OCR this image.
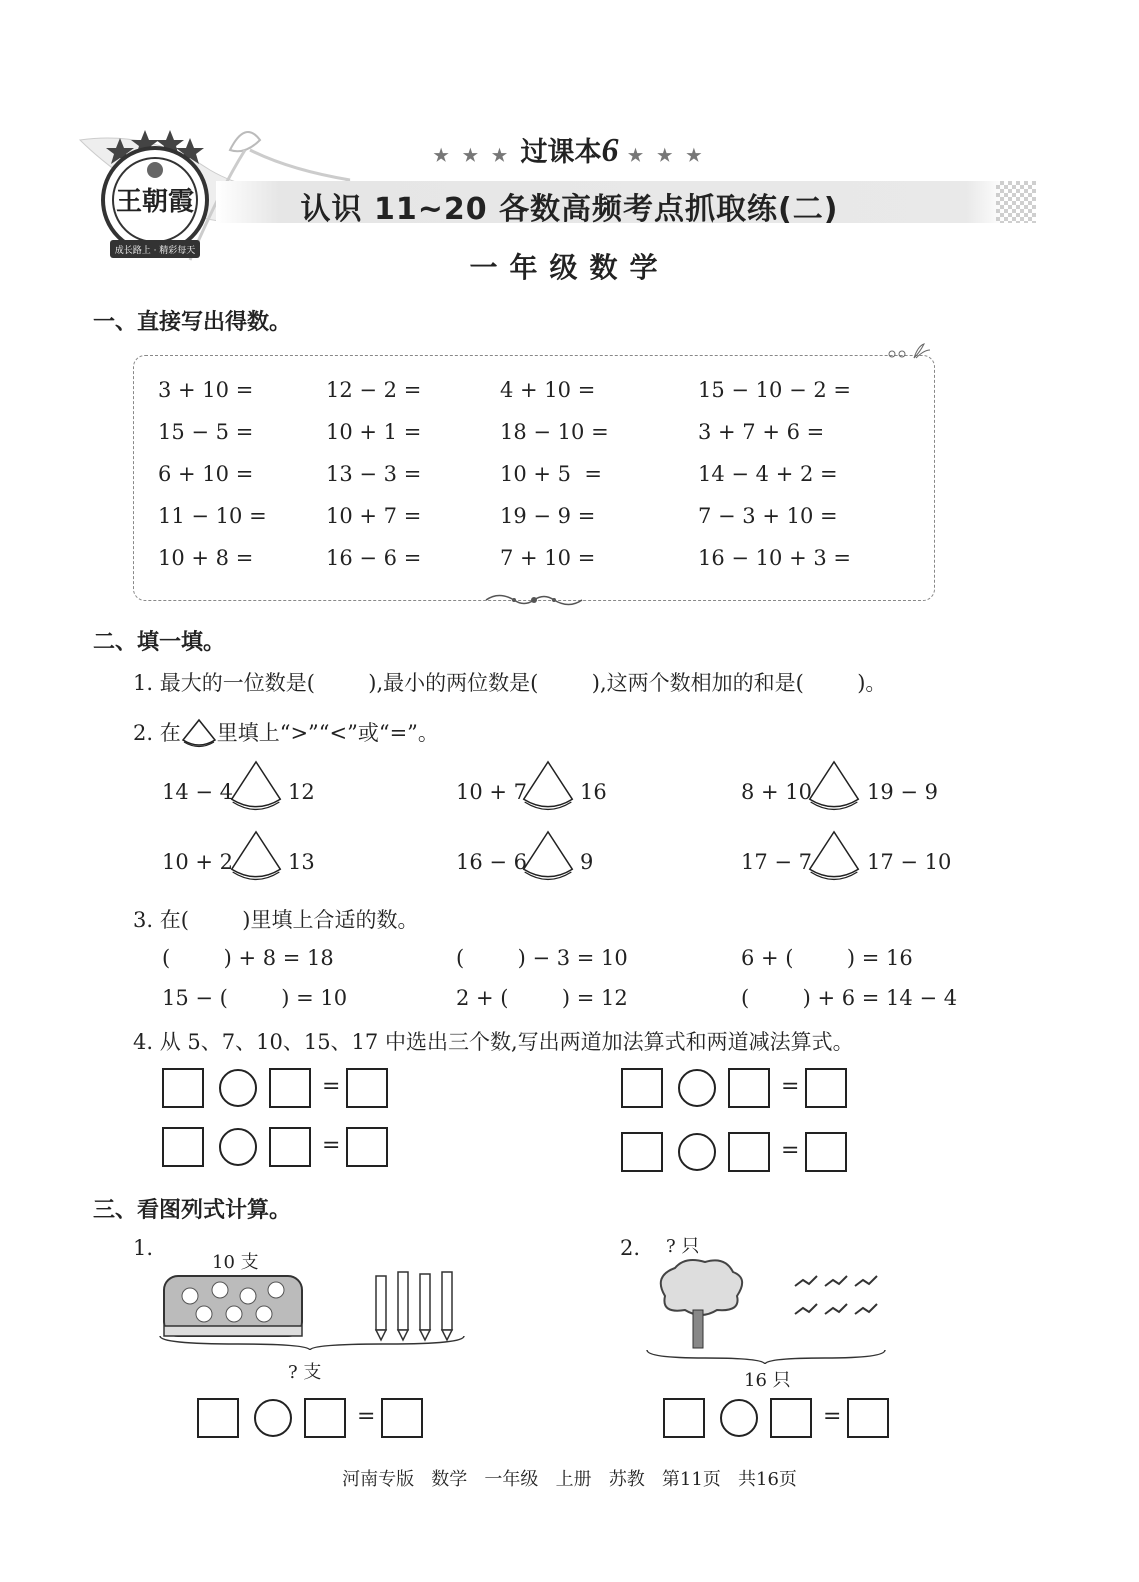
王朝霞
成长路上 · 精彩每天
★ ★ ★ 过课本6 ★ ★ ★
认识 11~20 各数高频考点抓取练(二)
一年级数学
一、直接写出得数。
3 + 10 =	12 − 2 =	4 + 10 =	15 − 10 − 2 =
15 − 5 =	10 + 1 =	18 − 10 =	3 + 7 + 6 =
6 + 10 =	13 − 3 =	10 + 5  =	14 − 4 + 2 =
11 − 10 =	10 + 7 =	19 − 9 =	7 − 3 + 10 =
10 + 8 =	16 − 6 =	7 + 10 =	16 − 10 + 3 =
二、填一填。
1. 最大的一位数是(        ),最小的两位数是(        ),这两个数相加的和是(        )。
2. 在 里填上“>”“<”或“=”。
14 − 4	12	10 + 7	16	8 + 10	19 − 9
10 + 2	13	16 − 6	9	17 − 7	17 − 10
3. 在(        )里填上合适的数。
(        ) + 8 = 18	(        ) − 3 = 10	6 + (        ) = 16
15 − (        ) = 10	2 + (        ) = 12	(        ) + 6 = 14 − 4
4. 从 5、7、10、15、17 中选出三个数,写出两道加法算式和两道减法算式。
=
=
=
=
三、看图列式计算。
1.
10 支
? 支
2. ? 只
16 只
=	=
河南专版   数学   一年级   上册   苏教   第11页   共16页
